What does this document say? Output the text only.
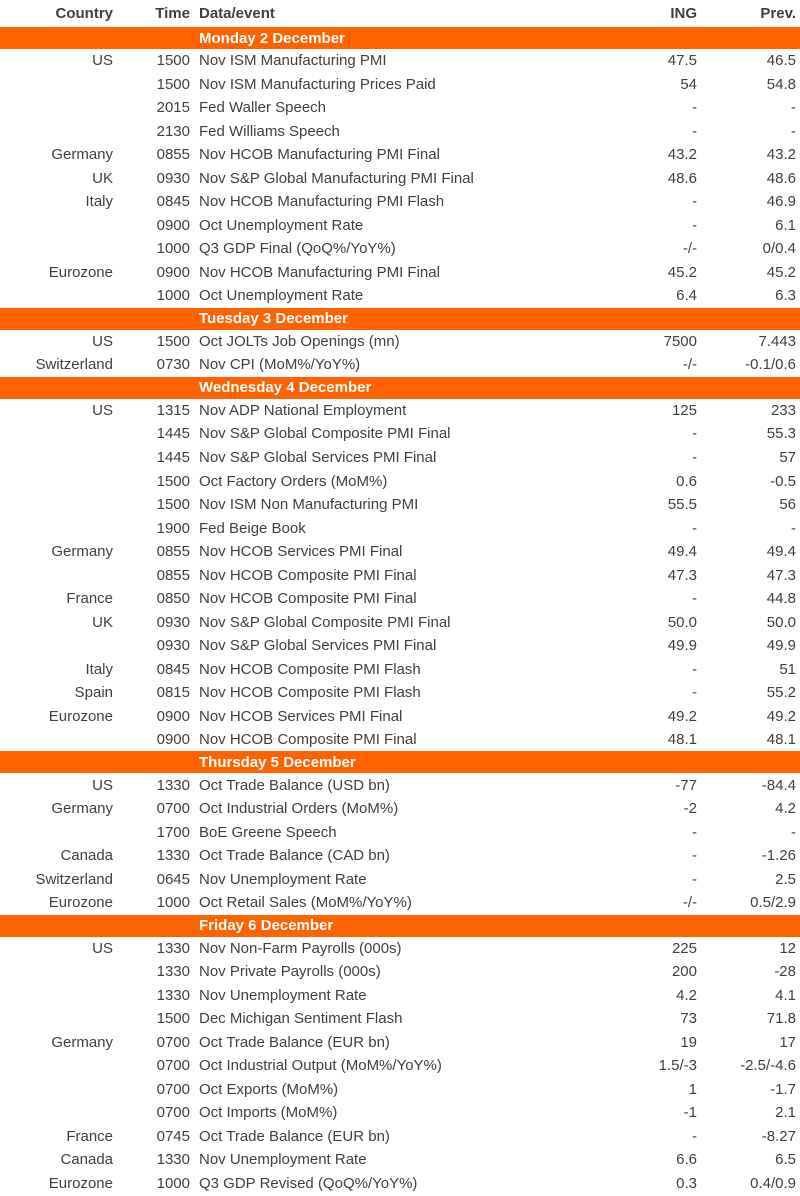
Country	Time	Data/event	ING	Prev.
Monday 2 December				
US	1500	Nov ISM Manufacturing PMI	47.5	46.5
	1500	Nov ISM Manufacturing Prices Paid	54	54.8
	2015	Fed Waller Speech	-	-
	2130	Fed Williams Speech	-	-
Germany	0855	Nov HCOB Manufacturing PMI Final	43.2	43.2
UK	0930	Nov S&P Global Manufacturing PMI Final	48.6	48.6
Italy	0845	Nov HCOB Manufacturing PMI Flash	-	46.9
	0900	Oct Unemployment Rate	-	6.1
	1000	Q3 GDP Final (QoQ%/YoY%)	-/-	0/0.4
Eurozone	0900	Nov HCOB Manufacturing PMI Final	45.2	45.2
	1000	Oct Unemployment Rate	6.4	6.3
Tuesday 3 December				
US	1500	Oct JOLTs Job Openings (mn)	7500	7.443
Switzerland	0730	Nov CPI (MoM%/YoY%)	-/-	-0.1/0.6
Wednesday 4 December				
US	1315	Nov ADP National Employment	125	233
	1445	Nov S&P Global Composite PMI Final	-	55.3
	1445	Nov S&P Global Services PMI Final	-	57
	1500	Oct Factory Orders (MoM%)	0.6	-0.5
	1500	Nov ISM Non Manufacturing PMI	55.5	56
	1900	Fed Beige Book	-	-
Germany	0855	Nov HCOB Services PMI Final	49.4	49.4
	0855	Nov HCOB Composite PMI Final	47.3	47.3
France	0850	Nov HCOB Composite PMI Final	-	44.8
UK	0930	Nov S&P Global Composite PMI Final	50.0	50.0
	0930	Nov S&P Global Services PMI Final	49.9	49.9
Italy	0845	Nov HCOB Composite PMI Flash	-	51
Spain	0815	Nov HCOB Composite PMI Flash	-	55.2
Eurozone	0900	Nov HCOB Services PMI Final	49.2	49.2
	0900	Nov HCOB Composite PMI Final	48.1	48.1
Thursday 5 December				
US	1330	Oct Trade Balance (USD bn)	-77	-84.4
Germany	0700	Oct Industrial Orders (MoM%)	-2	4.2
	1700	BoE Greene Speech	-	-
Canada	1330	Oct Trade Balance (CAD bn)	-	-1.26
Switzerland	0645	Nov Unemployment Rate	-	2.5
Eurozone	1000	Oct Retail Sales (MoM%/YoY%)	-/-	0.5/2.9
Friday 6 December				
US	1330	Nov Non-Farm Payrolls (000s)	225	12
	1330	Nov Private Payrolls (000s)	200	-28
	1330	Nov Unemployment Rate	4.2	4.1
	1500	Dec Michigan Sentiment Flash	73	71.8
Germany	0700	Oct Trade Balance (EUR bn)	19	17
	0700	Oct Industrial Output (MoM%/YoY%)	1.5/-3	-2.5/-4.6
	0700	Oct Exports (MoM%)	1	-1.7
	0700	Oct Imports (MoM%)	-1	2.1
France	0745	Oct Trade Balance (EUR bn)	-	-8.27
Canada	1330	Nov Unemployment Rate	6.6	6.5
Eurozone	1000	Q3 GDP Revised (QoQ%/YoY%)	0.3	0.4/0.9
